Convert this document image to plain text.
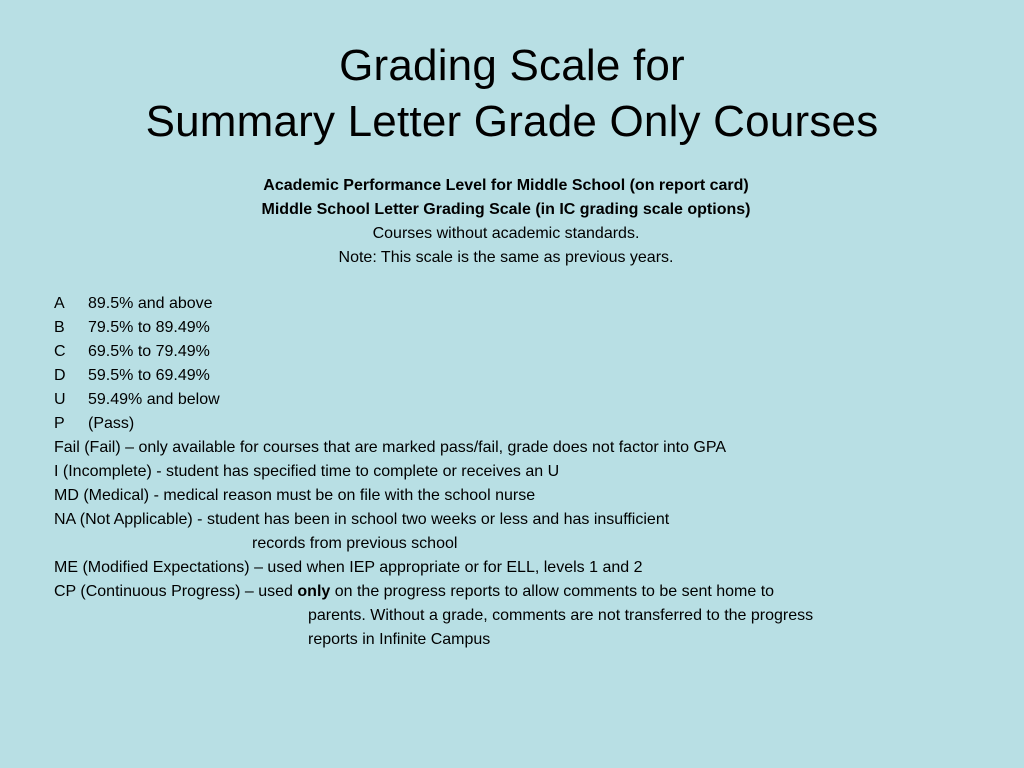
Grading Scale for
Summary Letter Grade Only Courses
Academic Performance Level for Middle School (on report card)
Middle School Letter Grading Scale (in IC grading scale options)
Courses without academic standards.
Note: This scale is the same as previous years.
A 89.5% and above
B 79.5% to 89.49%
C 69.5% to 79.49%
D 59.5% to 69.49%
U 59.49% and below
P (Pass)
Fail (Fail) – only available for courses that are marked pass/fail, grade does not factor into GPA
I (Incomplete) - student has specified time to complete or receives an U
MD (Medical) - medical reason must be on file with the school nurse
NA (Not Applicable) - student has been in school two weeks or less and has insufficient
records from previous school
ME (Modified Expectations) – used when IEP appropriate or for ELL, levels 1 and 2
CP (Continuous Progress) – used only on the progress reports to allow comments to be sent home to
parents. Without a grade, comments are not transferred to the progress
reports in Infinite Campus
